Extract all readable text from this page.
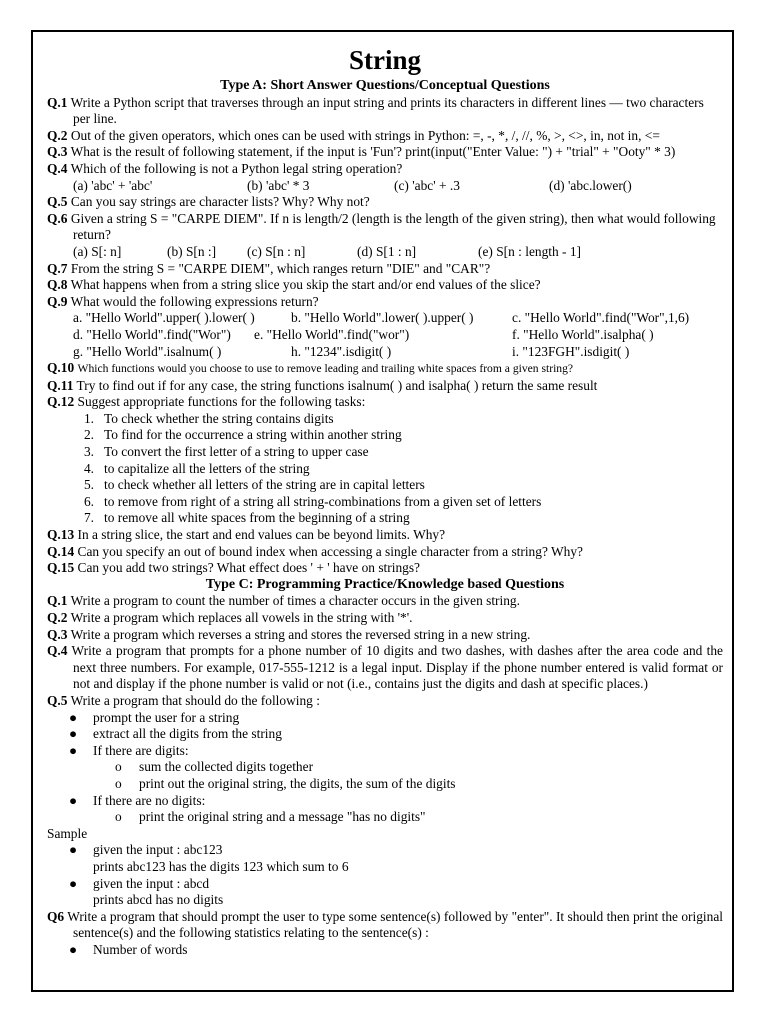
String
Type A: Short Answer Questions/Conceptual Questions

Q.1 Write a Python script that traverses through an input string and prints its characters in different lines — two characters per line.

Q.2 Out of the given operators, which ones can be used with strings in Python: =, -, *, /, //, %, >, <>, in, not in, <=

Q.3 What is the result of following statement, if the input is 'Fun'? print(input("Enter Value: ") + "trial" + "Ooty" * 3)

Q.4 Which of the following is not a Python legal string operation?

(a) 'abc' + 'abc'	(b) 'abc' * 3	(c) 'abc' + .3	(d) 'abc.lower()

Q.5 Can you say strings are character lists? Why? Why not?

Q.6 Given a string S = "CARPE DIEM". If n is length/2 (length is the length of the given string), then what would following return?

(a) S[: n]	(b) S[n :]	(c) S[n : n]	(d) S[1 : n]	(e) S[n : length - 1]

Q.7 From the string S = "CARPE DIEM", which ranges return "DIE" and "CAR"?

Q.8 What happens when from a string slice you skip the start and/or end values of the slice?

Q.9 What would the following expressions return?

a. "Hello World".upper( ).lower( )	b. "Hello World".lower( ).upper( )	c. "Hello World".find("Wor",1,6)
d. "Hello World".find("Wor")	e. "Hello World".find("wor")	f. "Hello World".isalpha( )
g. "Hello World".isalnum( )	h. "1234".isdigit( )	i. "123FGH".isdigit( )

Q.10 Which functions would you choose to use to remove leading and trailing white spaces from a given string?

Q.11 Try to find out if for any case, the string functions isalnum( ) and isalpha( ) return the same result

Q.12 Suggest appropriate functions for the following tasks:

1. To check whether the string contains digits
2. To find for the occurrence a string within another string
3. To convert the first letter of a string to upper case
4. to capitalize all the letters of the string
5. to check whether all letters of the string are in capital letters
6. to remove from right of a string all string-combinations from a given set of letters
7. to remove all white spaces from the beginning of a string

Q.13 In a string slice, the start and end values can be beyond limits. Why?

Q.14 Can you specify an out of bound index when accessing a single character from a string? Why?

Q.15 Can you add two strings? What effect does ' + ' have on strings?

Type C: Programming Practice/Knowledge based Questions

Q.1 Write a program to count the number of times a character occurs in the given string.

Q.2 Write a program which replaces all vowels in the string with '*'.

Q.3 Write a program which reverses a string and stores the reversed string in a new string.

Q.4 Write a program that prompts for a phone number of 10 digits and two dashes, with dashes after the area code and the next three numbers. For example, 017-555-1212 is a legal input. Display if the phone number entered is valid format or not and display if the phone number is valid or not (i.e., contains just the digits and dash at specific places.)

Q.5 Write a program that should do the following :

●	prompt the user for a string
●	extract all the digits from the string
●	If there are digits:
o	sum the collected digits together
o	print out the original string, the digits, the sum of the digits
●	If there are no digits:
o	print the original string and a message "has no digits"

Sample

●	given the input : abc123

prints abc123 has the digits 123 which sum to 6

●	given the input : abcd

prints abcd has no digits

Q6 Write a program that should prompt the user to type some sentence(s) followed by "enter". It should then print the original sentence(s) and the following statistics relating to the sentence(s) :

●	Number of words
